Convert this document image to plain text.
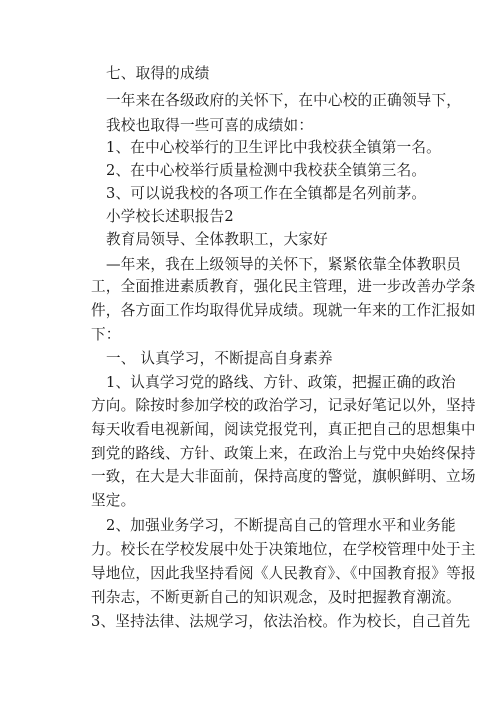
七、取得的成绩
一年来在各级政府的关怀下，在中心校的正确领导下，
我校也取得一些可喜的成绩如：
1、在中心校举行的卫生评比中我校获全镇第一名。
2、在中心校举行质量检测中我校获全镇第三名。
3、可以说我校的各项工作在全镇都是名列前茅。
小学校长述职报告2
教育局领导、全体教职工，大家好
—年来，我在上级领导的关怀下，紧紧依靠全体教职员
工，全面推进素质教育，强化民主管理，进一步改善办学条
件，各方面工作均取得优异成绩。现就一年来的工作汇报如
下：
一、 认真学习，不断提高自身素养
1、认真学习党的路线、方针、政策，把握正确的政治
方向。除按时参加学校的政治学习，记录好笔记以外，坚持
每天收看电视新闻，阅读党报党刊，真正把自己的思想集中
到党的路线、方针、政策上来，在政治上与党中央始终保持
一致，在大是大非面前，保持高度的警觉，旗帜鲜明、立场
坚定。
2、加强业务学习，不断提高自己的管理水平和业务能
力。校长在学校发展中处于决策地位，在学校管理中处于主
导地位，因此我坚持看阅《人民教育》、《中国教育报》等报
刊杂志，不断更新自己的知识观念，及时把握教育潮流。
3、坚持法律、法规学习，依法治校。作为校长，自己首先
